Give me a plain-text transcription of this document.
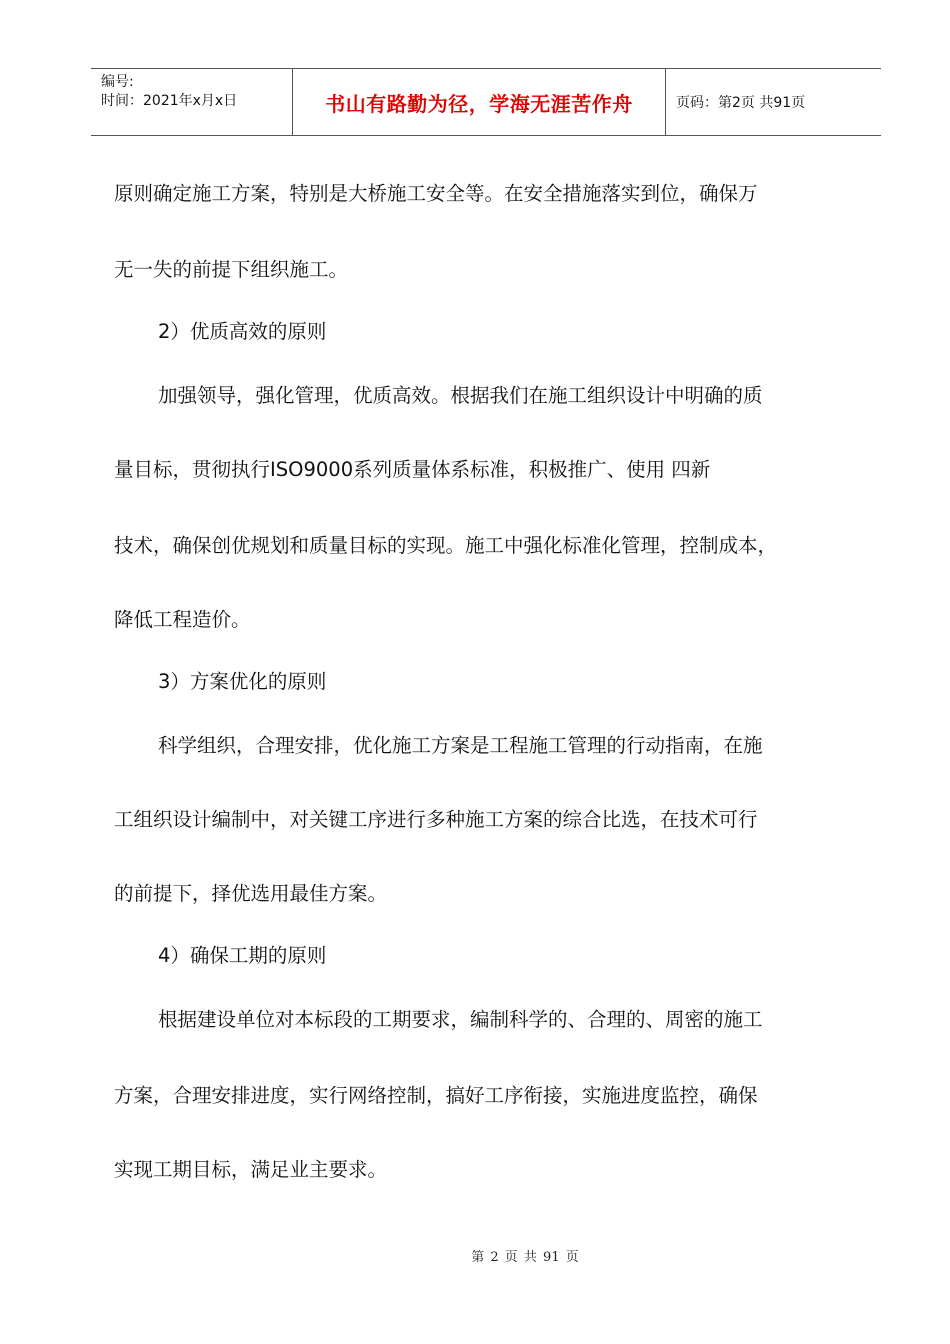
编号:
时间：2021年x月x日	书山有路勤为径，学海无涯苦作舟	页码：第2页 共91页
原则确定施工方案，特别是大桥施工安全等。在安全措施落实到位，确保万
无一失的前提下组织施工。
2）优质高效的原则
加强领导，强化管理，优质高效。根据我们在施工组织设计中明确的质
量目标，贯彻执行ISO9000系列质量体系标准，积极推广、使用 四新
技术，确保创优规划和质量目标的实现。施工中强化标准化管理，控制成本，
降低工程造价。
3）方案优化的原则
科学组织，合理安排，优化施工方案是工程施工管理的行动指南，在施
工组织设计编制中，对关键工序进行多种施工方案的综合比选，在技术可行
的前提下，择优选用最佳方案。
4）确保工期的原则
根据建设单位对本标段的工期要求，编制科学的、合理的、周密的施工
方案，合理安排进度，实行网络控制，搞好工序衔接，实施进度监控，确保
实现工期目标，满足业主要求。
第 2 页 共 91 页
